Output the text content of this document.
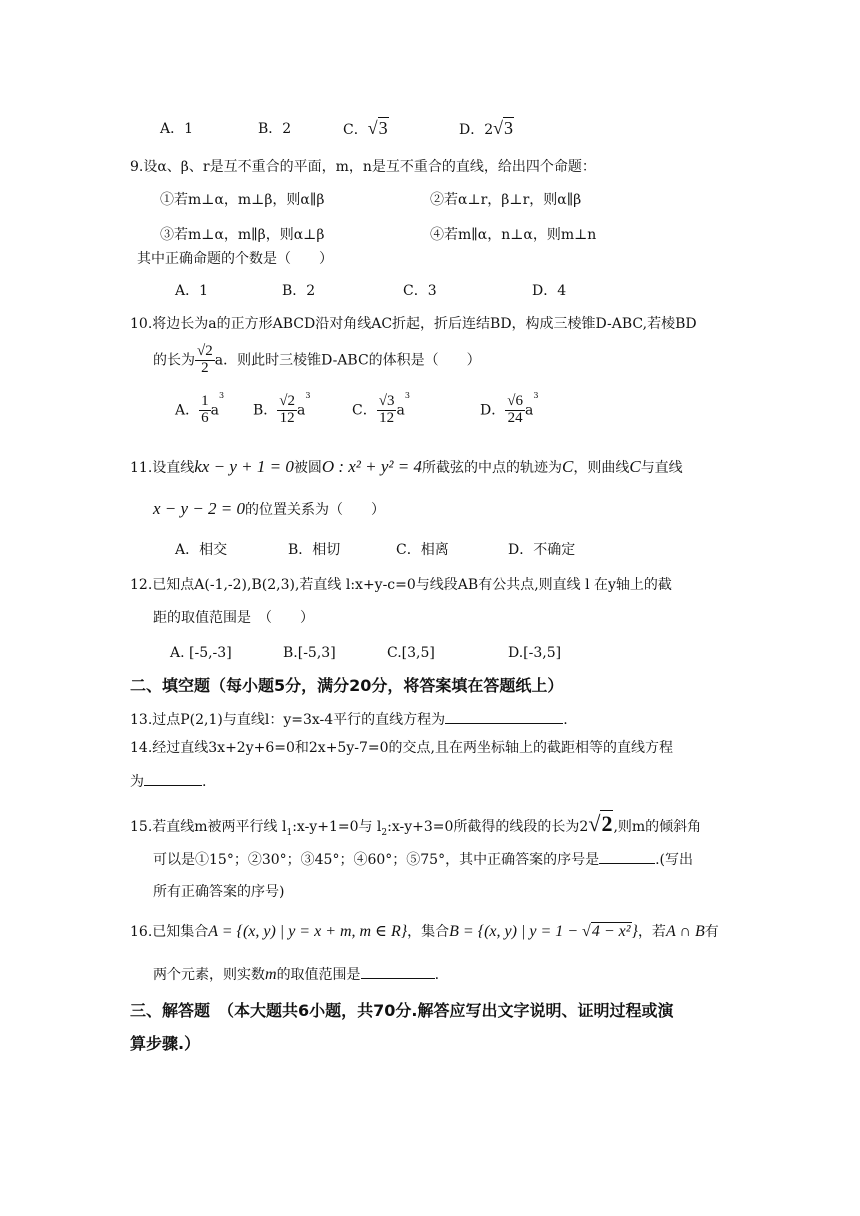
A．1	B．2	C．√3	D．2√3
9.设α、β、r是互不重合的平面，m，n是互不重合的直线，给出四个命题：
①若m⊥α，m⊥β，则α∥β	②若α⊥r，β⊥r，则α∥β
③若m⊥α，m∥β，则α⊥β	④若m∥α，n⊥α，则m⊥n
其中正确命题的个数是（　　）
A．1	B．2	C．3	D．4
10.将边长为a的正方形ABCD沿对角线AC折起，折后连结BD，构成三棱锥D-ABC,若棱BD
的长为 $\frac{√2}{2}$ a．则此时三棱锥D-ABC的体积是（　　）
A． $\frac{1}{6} a^3$
B． $\frac{√2}{12} a^3$
C． $\frac{√3}{12} a^3$
D． $\frac{√6}{24} a^3$
11.设直线kx − y + 1 = 0被圆O : x² + y² = 4所截弦的中点的轨迹为C，则曲线C与直线
x − y − 2 = 0的位置关系为（　　）
A．相交	B．相切	C．相离	D．不确定
12.已知点A(-1,-2),B(2,3),若直线 l:x+y-c=0与线段AB有公共点,则直线 l 在y轴上的截
距的取值范围是　（　　）
A. [-5,-3]	B.[-5,3]	C.[3,5]	D.[-3,5]
二、填空题（每小题5分，满分20分，将答案填在答题纸上）
13.过点P(2,1)与直线l：y=3x-4平行的直线方程为	.
14.经过直线3x+2y+6=0和2x+5y-7=0的交点,且在两坐标轴上的截距相等的直线方程
为	.
15.若直线m被两平行线 $l_1:x-y+1=0$与 $l_2:x-y+3=0$所截得的线段的长为2√2,则m的倾斜角
可以是①15°；②30°；③45°；④60°；⑤75°，其中正确答案的序号是	.(写出
所有正确答案的序号)
16.已知集合A = {(x, y) | y = x + m, m ∈ R}，集合B = {(x, y) | y = 1 − √4 − x²}，若A ∩ B有
两个元素，则实数m的取值范围是	.
三、解答题　（本大题共6小题，共70分.解答应写出文字说明、证明过程或演
算步骤.）
